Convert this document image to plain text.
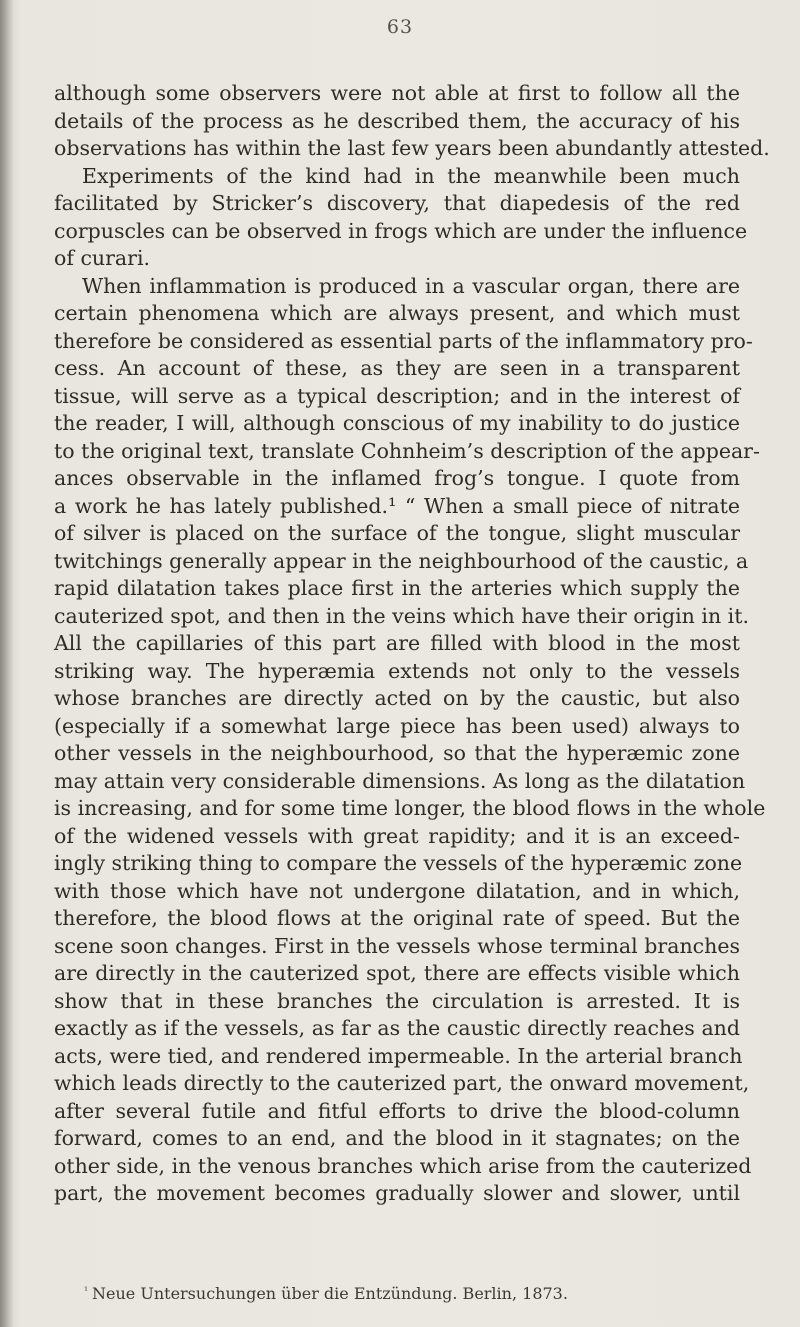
63
although some observers were not able at first to follow all the
details of the process as he described them, the accuracy of his
observations has within the last few years been abundantly attested.
Experiments of the kind had in the meanwhile been much
facilitated by Stricker’s discovery, that diapedesis of the red
corpuscles can be observed in frogs which are under the influence
of curari.
When inflammation is produced in a vascular organ, there are
certain phenomena which are always present, and which must
therefore be considered as essential parts of the inflammatory pro-
cess. An account of these, as they are seen in a transparent
tissue, will serve as a typical description; and in the interest of
the reader, I will, although conscious of my inability to do justice
to the original text, translate Cohnheim’s description of the appear-
ances observable in the inflamed frog’s tongue. I quote from
a work he has lately published.¹ “ When a small piece of nitrate
of silver is placed on the surface of the tongue, slight muscular
twitchings generally appear in the neighbourhood of the caustic, a
rapid dilatation takes place first in the arteries which supply the
cauterized spot, and then in the veins which have their origin in it.
All the capillaries of this part are filled with blood in the most
striking way. The hyperæmia extends not only to the vessels
whose branches are directly acted on by the caustic, but also
(especially if a somewhat large piece has been used) always to
other vessels in the neighbourhood, so that the hyperæmic zone
may attain very considerable dimensions. As long as the dilatation
is increasing, and for some time longer, the blood flows in the whole
of the widened vessels with great rapidity; and it is an exceed-
ingly striking thing to compare the vessels of the hyperæmic zone
with those which have not undergone dilatation, and in which,
therefore, the blood flows at the original rate of speed. But the
scene soon changes. First in the vessels whose terminal branches
are directly in the cauterized spot, there are effects visible which
show that in these branches the circulation is arrested. It is
exactly as if the vessels, as far as the caustic directly reaches and
acts, were tied, and rendered impermeable. In the arterial branch
which leads directly to the cauterized part, the onward movement,
after several futile and fitful efforts to drive the blood-column
forward, comes to an end, and the blood in it stagnates; on the
other side, in the venous branches which arise from the cauterized
part, the movement becomes gradually slower and slower, until
$^{^1}$ Neue Untersuchungen über die Entzündung. Berlin, 1873.
